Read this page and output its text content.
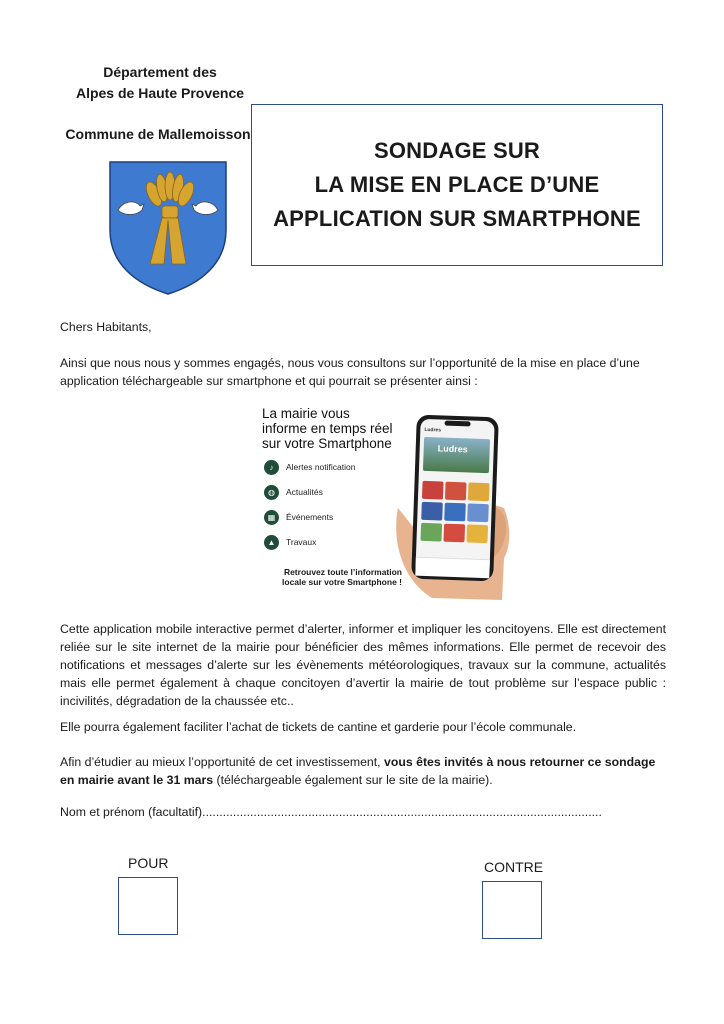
Département des
Alpes de Haute Provence
Commune de Mallemoisson
SONDAGE SUR
LA MISE EN PLACE D’UNE
APPLICATION SUR SMARTPHONE
Chers Habitants,
Ainsi que nous nous y sommes engagés, nous vous consultons sur l’opportunité de la mise en place d’une application téléchargeable sur smartphone et qui pourrait se présenter ainsi :
La mairie vous
informe en temps réel
sur votre Smartphone
♪	Alertes notification
◍	Actualités
▦	Événements
▲	Travaux
Retrouvez toute l’information
locale sur votre Smartphone !
Ludres
Ludres
Cette application mobile interactive permet d’alerter, informer et impliquer les concitoyens. Elle est directement reliée sur le site internet de la mairie pour bénéficier des mêmes informations. Elle permet de recevoir des notifications et messages d’alerte sur les évènements météorologiques, travaux sur la commune, actualités mais elle permet également à chaque concitoyen d’avertir la mairie de tout problème sur l’espace public : incivilités, dégradation de la chaussée etc..
Elle pourra également faciliter l’achat de tickets de cantine et garderie pour l’école communale.
Afin d’étudier au mieux l’opportunité de cet investissement, vous êtes invités à nous retourner ce sondage en mairie avant le 31 mars (téléchargeable également sur le site de la mairie).
Nom et prénom (facultatif).....................................................................................................................
POUR	CONTRE
